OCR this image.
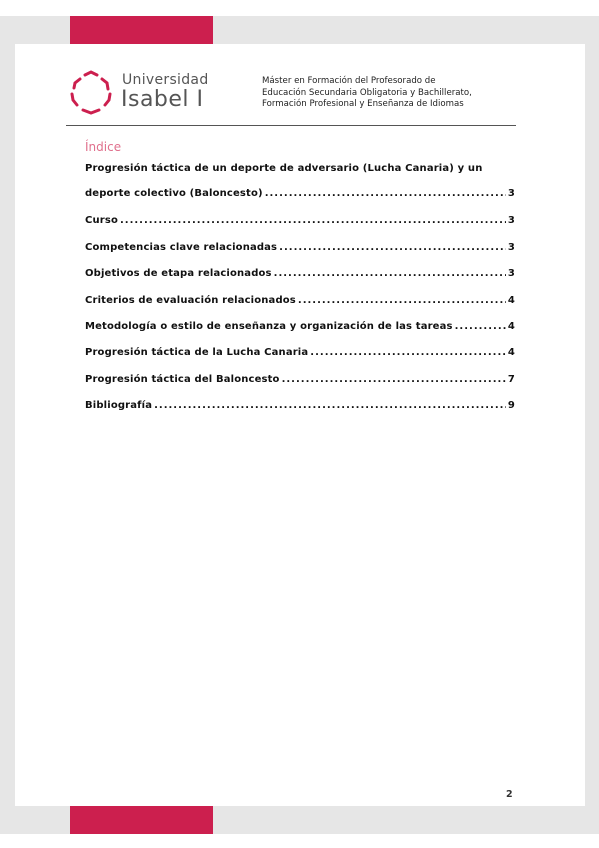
Universidad
Isabel I
Máster en Formación del Profesorado de
Educación Secundaria Obligatoria y Bachillerato,
Formación Profesional y Enseñanza de Idiomas
Índice
Progresión táctica de un deporte de adversario (Lucha Canaria) y un
deporte colectivo (Baloncesto) .....	3
Curso .....	3
Competencias clave relacionadas .....	3
Objetivos de etapa relacionados .....	3
Criterios de evaluación relacionados .....	4
Metodología o estilo de enseñanza y organización de las tareas .....	4
Progresión táctica de la Lucha Canaria .....	4
Progresión táctica del Baloncesto .....	7
Bibliografía .....	9
2
